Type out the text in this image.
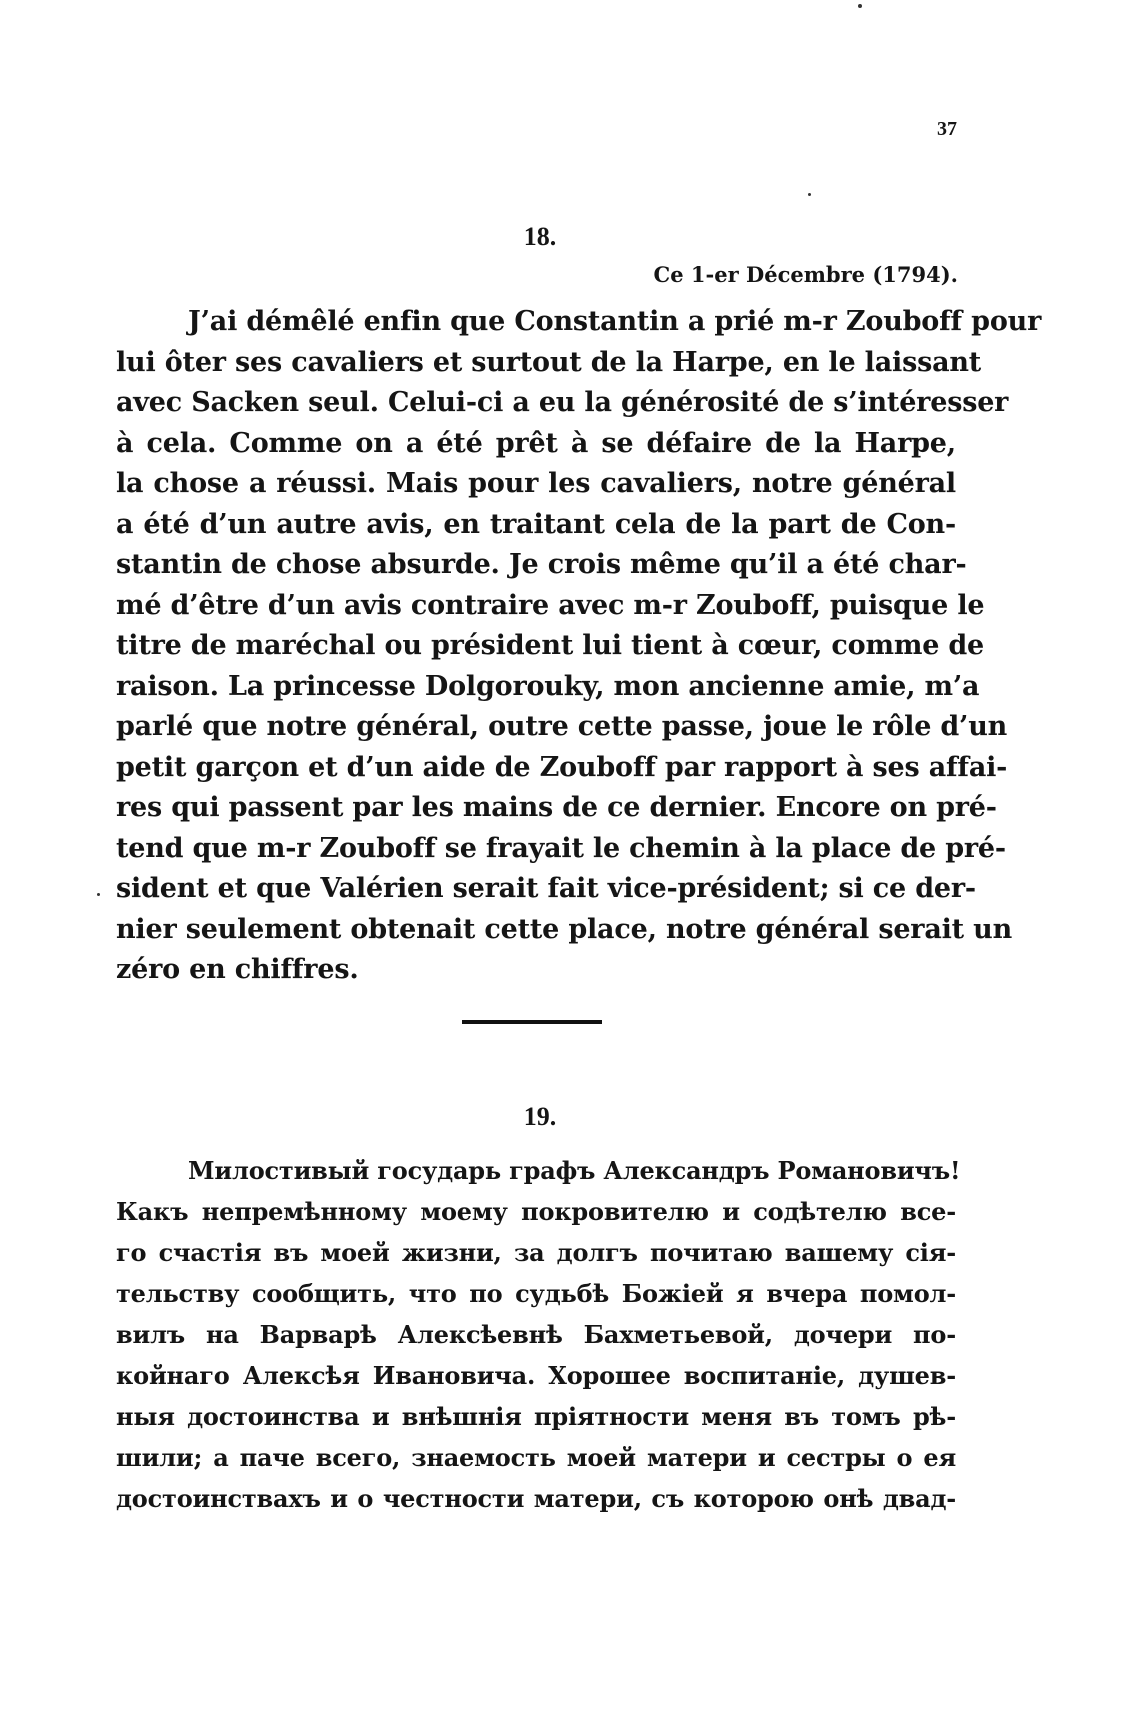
37
18.
Ce 1-er Décembre (1794).
J’ai démêlé enfin que Constantin a prié m-r Zouboff pour
lui ôter ses cavaliers et surtout de la Harpe, en le laissant
avec Sacken seul. Celui-ci a eu la générosité de s’intéresser
à cela. Comme on a été prêt à se défaire de la Harpe,
la chose a réussi. Mais pour les cavaliers, notre général
a été d’un autre avis, en traitant cela de la part de Con-
stantin de chose absurde. Je crois même qu’il a été char-
mé d’être d’un avis contraire avec m-r Zouboff, puisque le
titre de maréchal ou président lui tient à cœur, comme de
raison. La princesse Dolgorouky, mon ancienne amie, m’a
parlé que notre général, outre cette passe, joue le rôle d’un
petit garçon et d’un aide de Zouboff par rapport à ses affai-
res qui passent par les mains de ce dernier. Encore on pré-
tend que m-r Zouboff se frayait le chemin à la place de pré-
sident et que Valérien serait fait vice-président; si ce der-
nier seulement obtenait cette place, notre général serait un
zéro en chiffres.
19.
Милостивый государь графъ Александръ Романовичъ!
Какъ непремѣнному моему покровителю и содѣтелю все-
го счастія въ моей жизни, за долгъ почитаю вашему сія-
тельству сообщить, что по судьбѣ Божіей я вчера помол-
вилъ на Варварѣ Алексѣевнѣ Бахметьевой, дочери по-
койнаго Алексѣя Ивановича. Хорошее воспитаніе, душев-
ныя достоинства и внѣшнія пріятности меня въ томъ рѣ-
шили; а паче всего, знаемость моей матери и сестры о ея
достоинствахъ и о честности матери, съ которою онѣ двад-
